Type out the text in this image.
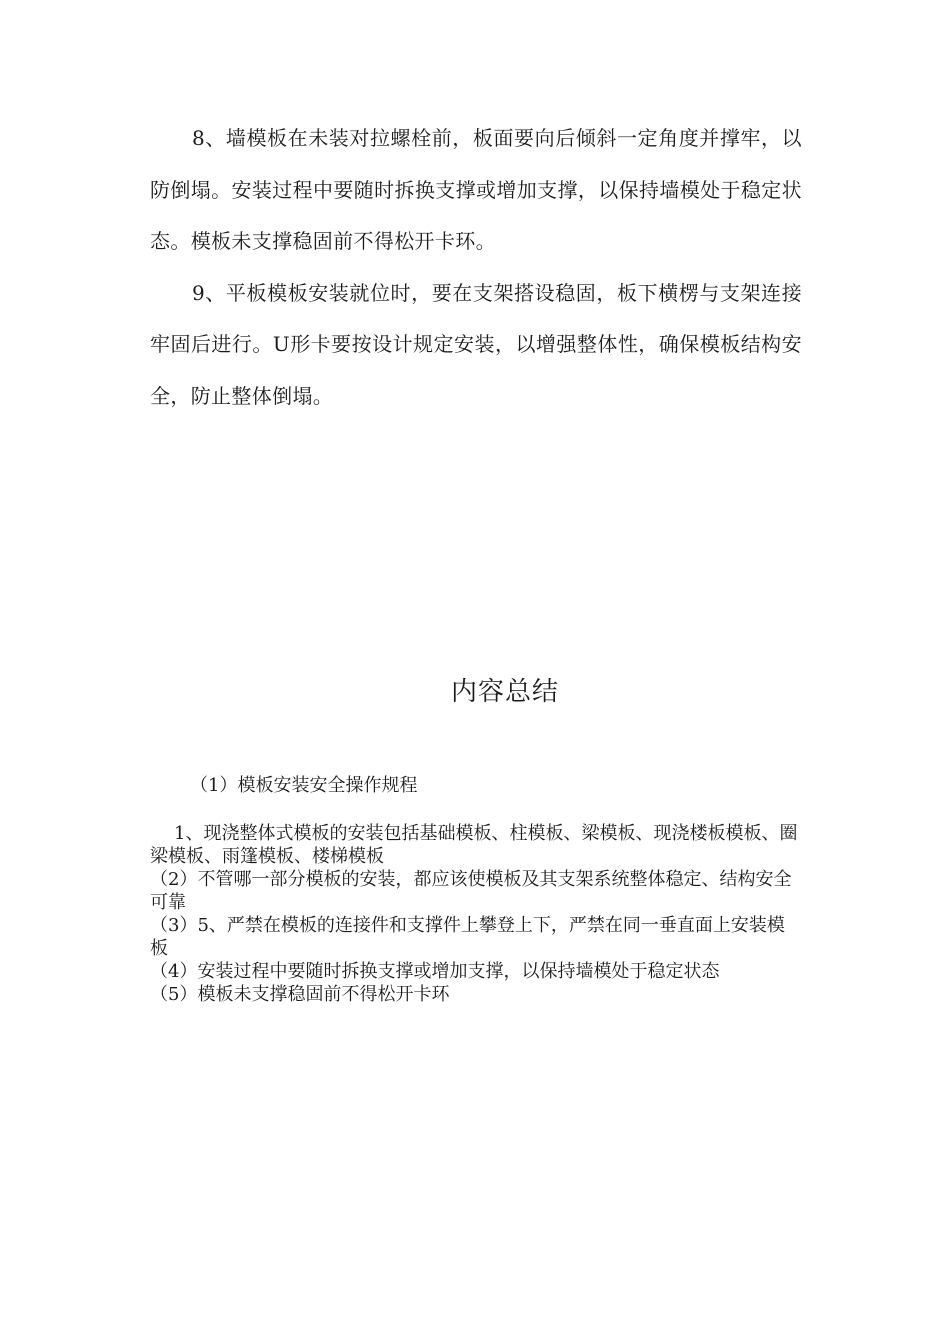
8、墙模板在未装对拉螺栓前，板面要向后倾斜一定角度并撑牢，以防倒塌。安装过程中要随时拆换支撑或增加支撑，以保持墙模处于稳定状态。模板未支撑稳固前不得松开卡环。

9、平板模板安装就位时，要在支架搭设稳固，板下横楞与支架连接牢固后进行。U形卡要按设计规定安装，以增强整体性，确保模板结构安全，防止整体倒塌。

内容总结

（1）模板安装安全操作规程

1、现浇整体式模板的安装包括基础模板、柱模板、梁模板、现浇楼板模板、圈梁模板、雨篷模板、楼梯模板

（2）不管哪一部分模板的安装，都应该使模板及其支架系统整体稳定、结构安全可靠

（3）5、严禁在模板的连接件和支撑件上攀登上下，严禁在同一垂直面上安装模板

（4）安装过程中要随时拆换支撑或增加支撑，以保持墙模处于稳定状态

（5）模板未支撑稳固前不得松开卡环
